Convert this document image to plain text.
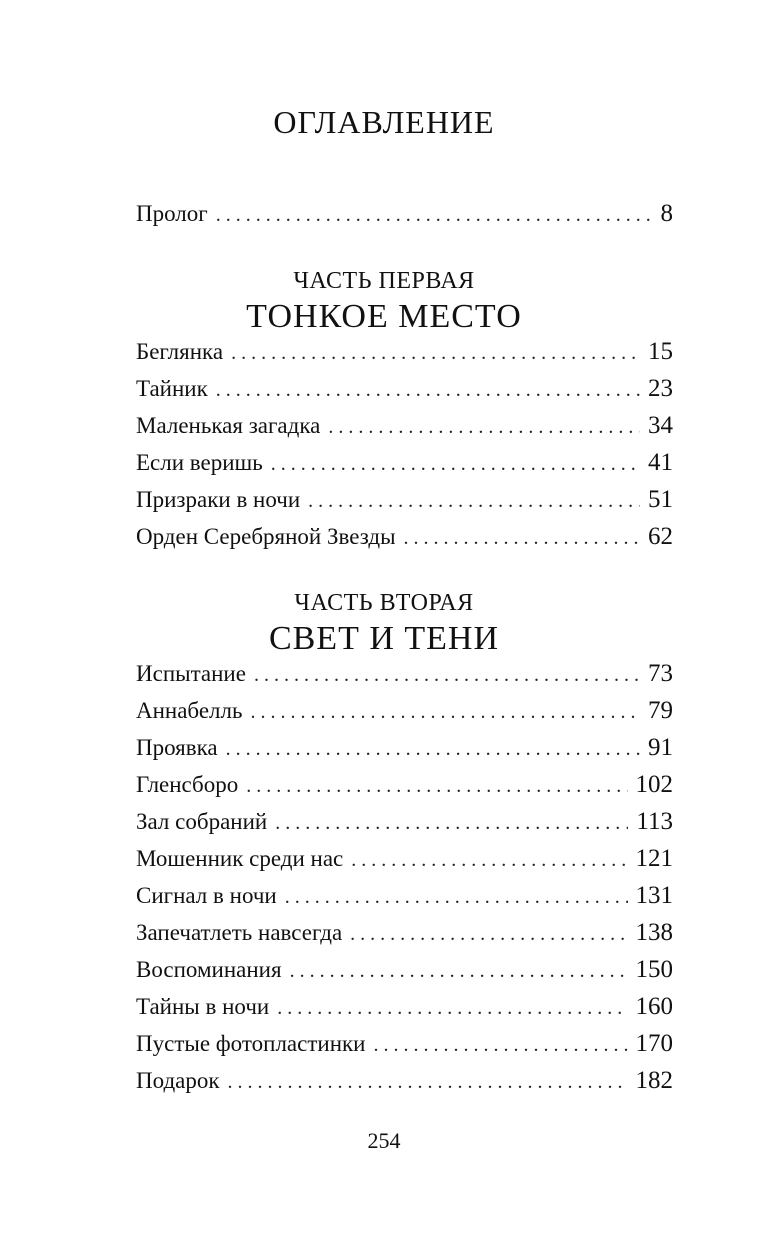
ОГЛАВЛЕНИЕ
Пролог . . .	8
ЧАСТЬ ПЕРВАЯ
ТОНКОЕ МЕСТО
Беглянка . . .	15
Тайник . . .	23
Маленькая загадка . . .	34
Если веришь . . .	41
Призраки в ночи . . .	51
Орден Серебряной Звезды . . .	62
ЧАСТЬ ВТОРАЯ
СВЕТ И ТЕНИ
Испытание . . .	73
Аннабелль . . .	79
Проявка . . .	91
Гленсборо . . .	102
Зал собраний . . .	113
Мошенник среди нас . . .	121
Сигнал в ночи . . .	131
Запечатлеть навсегда . . .	138
Воспоминания . . .	150
Тайны в ночи . . .	160
Пустые фотопластинки . . .	170
Подарок . . .	182
254
